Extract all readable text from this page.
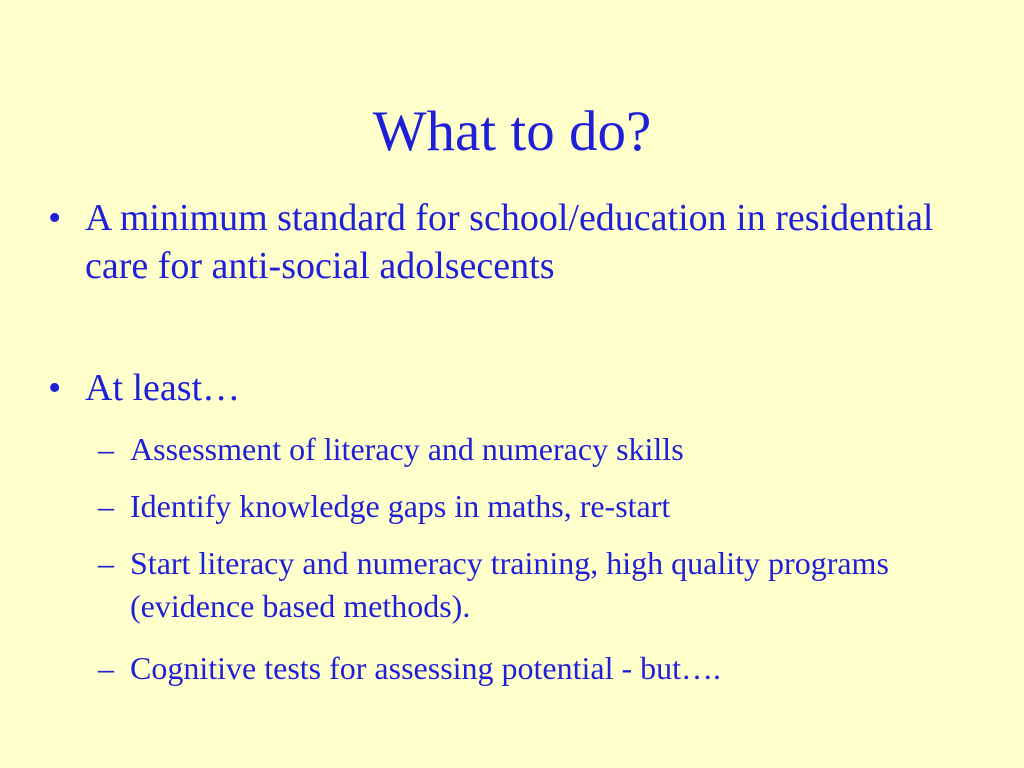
What to do?
• A minimum standard for school/education in residential care for anti-social adolsecents
• At least…
– Assessment of literacy and numeracy skills
– Identify knowledge gaps in maths, re-start
– Start literacy and numeracy training, high quality programs (evidence based methods).
– Cognitive tests for assessing potential - but….
